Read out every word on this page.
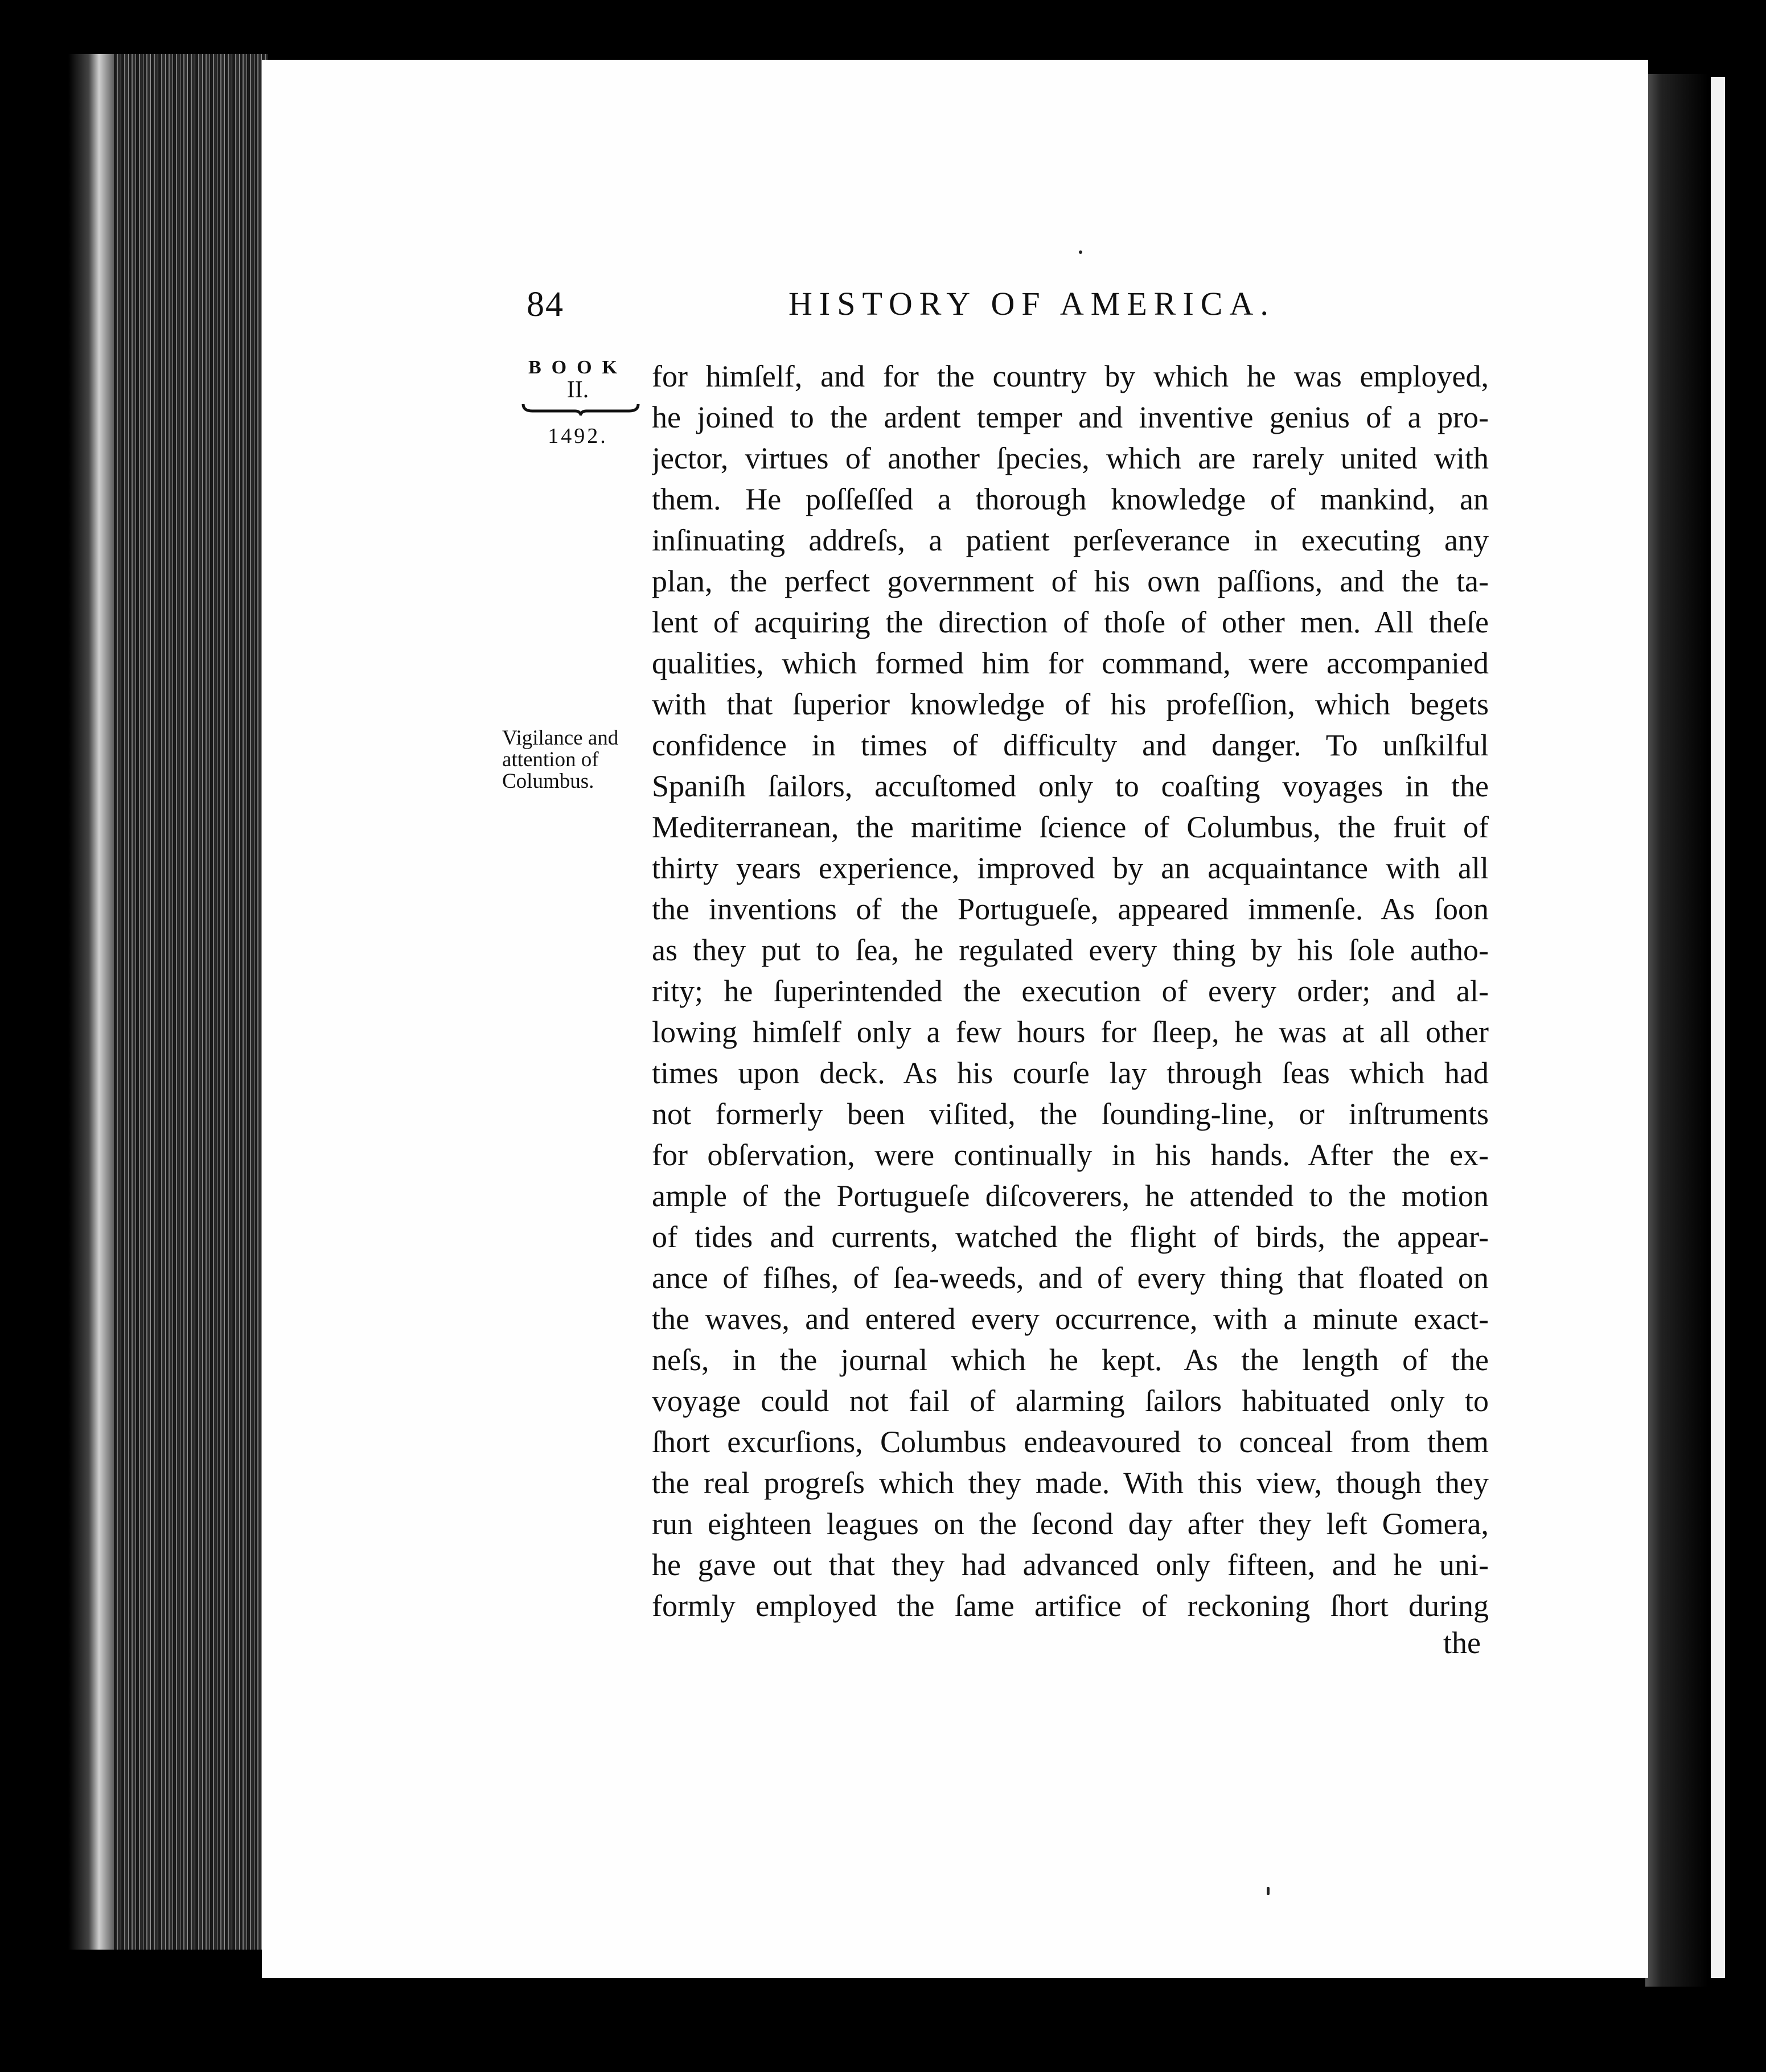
84	HISTORY OF AMERICA.
BOOK
II.
1492.
Vigilance and
attention of
Columbus.
for himſelf, and for the country by which he was employed,
he joined to the ardent temper and inventive genius of a pro-
jector, virtues of another ſpecies, which are rarely united with
them. He poſſeſſed a thorough knowledge of mankind, an
inſinuating addreſs, a patient perſeverance in executing any
plan, the perfect government of his own paſſions, and the ta-
lent of acquiring the direction of thoſe of other men. All theſe
qualities, which formed him for command, were accompanied
with that ſuperior knowledge of his profeſſion, which begets
confidence in times of difficulty and danger. To unſkilful
Spaniſh ſailors, accuſtomed only to coaſting voyages in the
Mediterranean, the maritime ſcience of Columbus, the fruit of
thirty years experience, improved by an acquaintance with all
the inventions of the Portugueſe, appeared immenſe. As ſoon
as they put to ſea, he regulated every thing by his ſole autho-
rity; he ſuperintended the execution of every order; and al-
lowing himſelf only a few hours for ſleep, he was at all other
times upon deck. As his courſe lay through ſeas which had
not formerly been viſited, the ſounding-line, or inſtruments
for obſervation, were continually in his hands. After the ex-
ample of the Portugueſe diſcoverers, he attended to the motion
of tides and currents, watched the flight of birds, the appear-
ance of fiſhes, of ſea-weeds, and of every thing that floated on
the waves, and entered every occurrence, with a minute exact-
neſs, in the journal which he kept. As the length of the
voyage could not fail of alarming ſailors habituated only to
ſhort excurſions, Columbus endeavoured to conceal from them
the real progreſs which they made. With this view, though they
run eighteen leagues on the ſecond day after they left Gomera,
he gave out that they had advanced only fifteen, and he uni-
formly employed the ſame artifice of reckoning ſhort during
the
